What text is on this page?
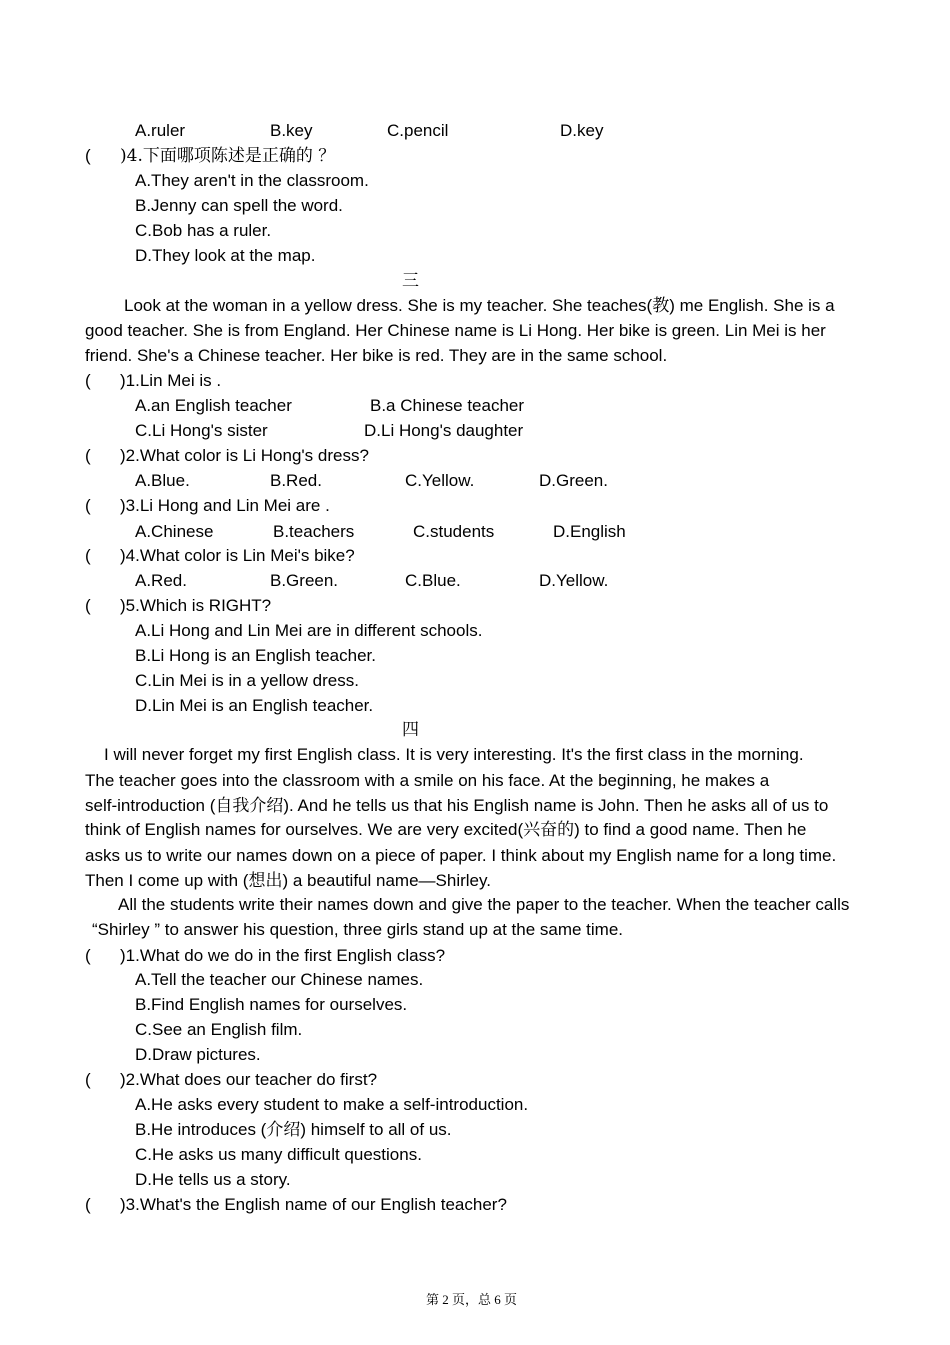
A.ruler	B.key	C.pencil	D.key
( )4.下面哪项陈述是正确的 ？
A.They aren't in the classroom.
B.Jenny can spell the word.
C.Bob has a ruler.
D.They look at the map.
三
Look at the woman in a yellow dress. She is my teacher. She teaches(教) me English. She is a
good teacher. She is from England. Her Chinese name is Li Hong. Her bike is green. Lin Mei is her
friend. She's a Chinese teacher. Her bike is red. They are in the same school.
( )1.Lin Mei is .
A.an English teacher	B.a Chinese teacher
C.Li Hong's sister	D.Li Hong's daughter
( )2.What color is Li Hong's dress?
A.Blue.	B.Red.	C.Yellow.	D.Green.
( )3.Li Hong and Lin Mei are .
A.Chinese	B.teachers	C.students	D.English
( )4.What color is Lin Mei's bike?
A.Red.	B.Green.	C.Blue.	D.Yellow.
( )5.Which is RIGHT?
A.Li Hong and Lin Mei are in different schools.
B.Li Hong is an English teacher.
C.Lin Mei is in a yellow dress.
D.Lin Mei is an English teacher.
四
I will never forget my first English class. It is very interesting. It's the first class in the morning.
The teacher goes into the classroom with a smile on his face. At the beginning, he makes a
self-introduction (自我介绍). And he tells us that his English name is John. Then he asks all of us to
think of English names for ourselves. We are very excited(兴奋的) to find a good name. Then he
asks us to write our names down on a piece of paper. I think about my English name for a long time.
Then I come up with (想出) a beautiful name—Shirley.
All the students write their names down and give the paper to the teacher. When the teacher calls
“Shirley ” to answer his question, three girls stand up at the same time.
( )1.What do we do in the first English class?
A.Tell the teacher our Chinese names.
B.Find English names for ourselves.
C.See an English film.
D.Draw pictures.
( )2.What does our teacher do first?
A.He asks every student to make a self-introduction.
B.He introduces (介绍) himself to all of us.
C.He asks us many difficult questions.
D.He tells us a story.
( )3.What's the English name of our English teacher?
第 2 页，总 6 页
